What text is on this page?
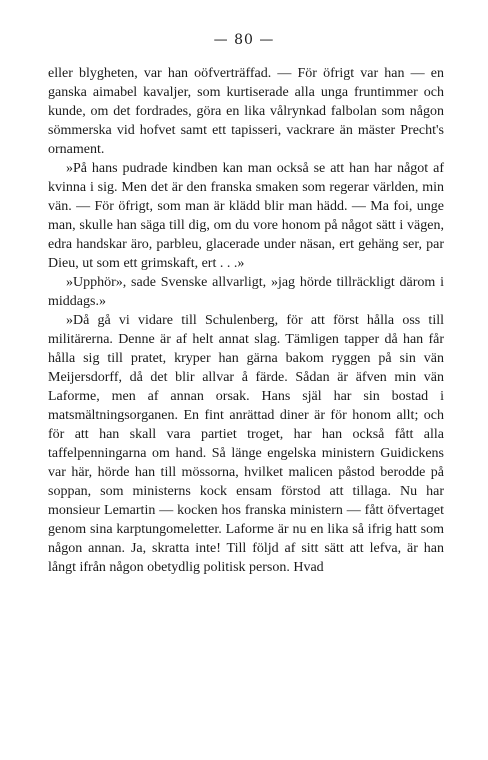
— 80 —

eller blygheten, var han oöfverträffad. — För öfrigt var han — en ganska aimabel kavaljer, som kurtiserade alla unga fruntimmer och kunde, om det fordrades, göra en lika vålrynkad falbolan som någon sömmerska vid hofvet samt ett tapisseri, vackrare än mäster Precht's ornament.

»På hans pudrade kindben kan man också se att han har något af kvinna i sig. Men det är den franska smaken som regerar världen, min vän. — För öfrigt, som man är klädd blir man hädd. — Ma foi, unge man, skulle han säga till dig, om du vore honom på något sätt i vägen, edra handskar äro, parbleu, glacerade under näsan, ert gehäng ser, par Dieu, ut som ett grimskaft, ert . . .»

»Upphör», sade Svenske allvarligt, »jag hörde tillräckligt därom i middags.»

»Då gå vi vidare till Schulenberg, för att först hålla oss till militärerna. Denne är af helt annat slag. Tämligen tapper då han får hålla sig till pratet, kryper han gärna bakom ryggen på sin vän Meijersdorff, då det blir allvar å färde. Sådan är äfven min vän Laforme, men af annan orsak. Hans själ har sin bostad i matsmältningsorganen. En fint anrättad diner är för honom allt; och för att han skall vara partiet troget, har han också fått alla taffelpenningarna om hand. Så länge engelska ministern Guidickens var här, hörde han till mössorna, hvilket malicen påstod berodde på soppan, som ministerns kock ensam förstod att tillaga. Nu har monsieur Lemartin — kocken hos franska ministern — fått öfvertaget genom sina karptungomeletter. Laforme är nu en lika så ifrig hatt som någon annan. Ja, skratta inte! Till följd af sitt sätt att lefva, är han långt ifrån någon obetydlig politisk person. Hvad
